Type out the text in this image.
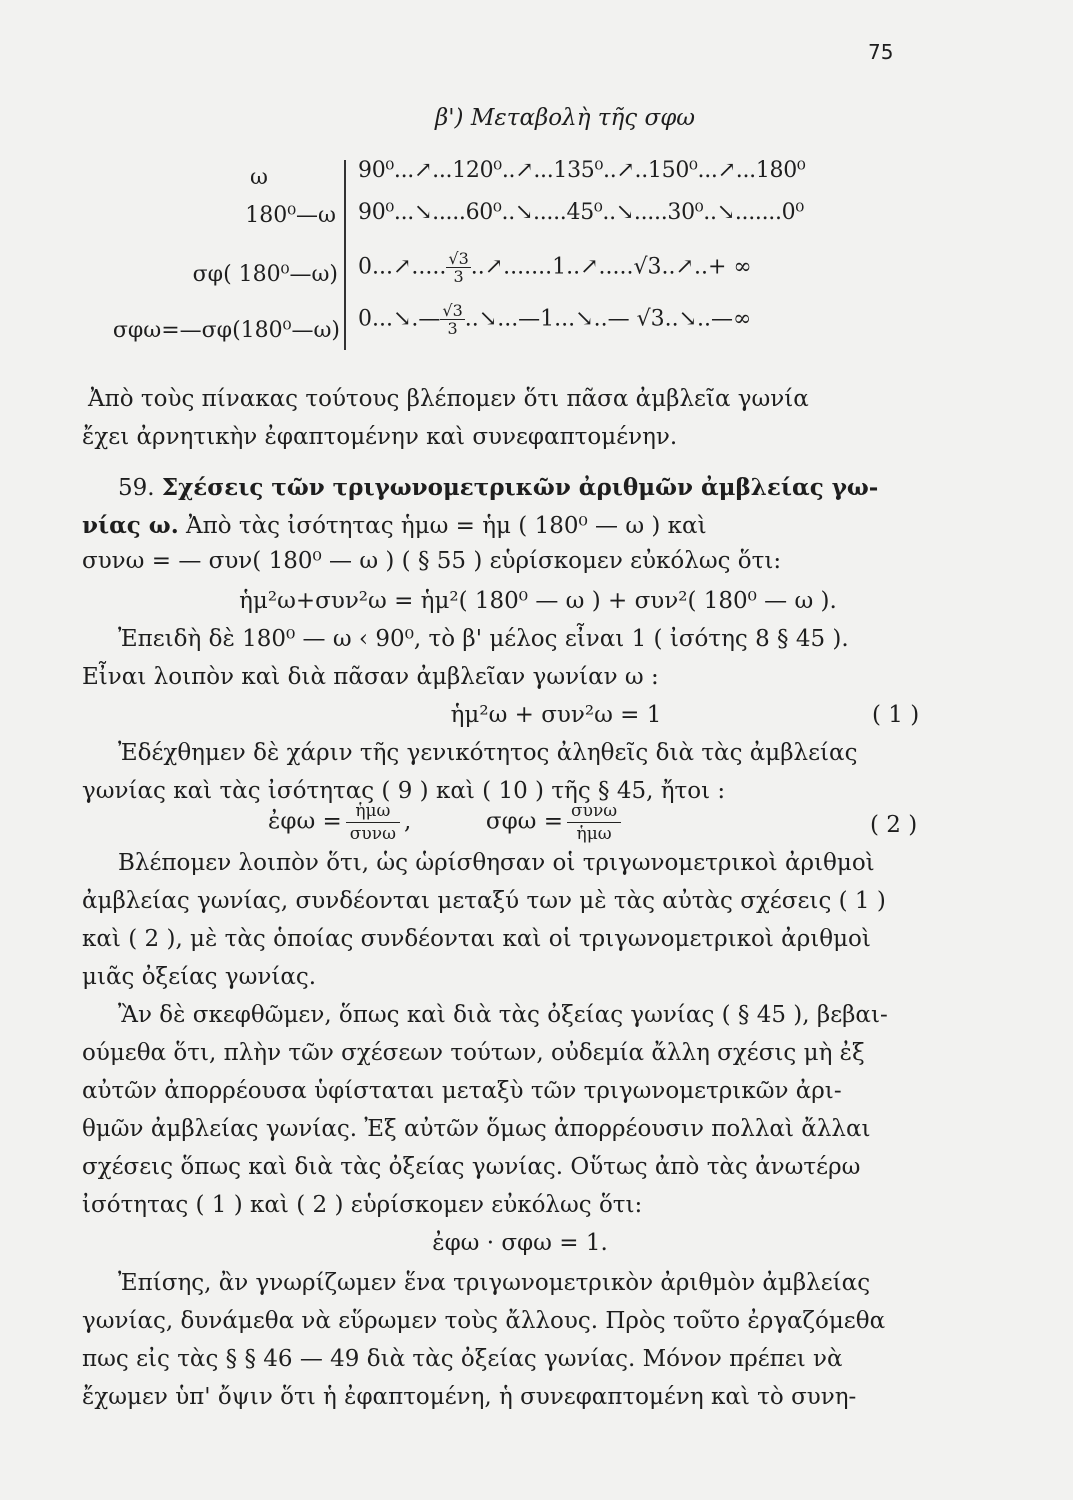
75
β') Μεταβολὴ τῆς σφω
ω	90⁰...↗...120⁰..↗...135⁰..↗..150⁰...↗...180⁰
180⁰—ω 90⁰...↘.....60⁰..↘.....45⁰..↘.....30⁰..↘.......0⁰
σφ( 180⁰—ω) 0...↗..... $\frac{√3}{3}$ ..↗.......1..↗.....√3..↗..+ ∞
σφω=—σφ(180⁰—ω) 0...↘.— $\frac{√3}{3}$ ..↘...—1...↘..— √3..↘..—∞
Ἀπὸ τοὺς πίνακας τούτους βλέπομεν ὅτι πᾶσα ἀμβλεῖα γωνία
ἔχει ἀρνητικὴν ἐφαπτομένην καὶ συνεφαπτομένην.
59. Σχέσεις τῶν τριγωνομετρικῶν ἀριθμῶν ἀμβλείας γω-
νίας ω. Ἀπὸ τὰς ἰσότητας ἡμω = ἡμ ( 180⁰ — ω ) καὶ
συνω = — συν( 180⁰ — ω ) ( § 55 ) εὑρίσκομεν εὐκόλως ὅτι:
ἡμ²ω+συν²ω = ἡμ²( 180⁰ — ω ) + συν²( 180⁰ — ω ).
Ἐπειδὴ δὲ 180⁰ — ω ‹ 90⁰, τὸ β' μέλος εἶναι 1 ( ἰσότης 8 § 45 ).
Εἶναι λοιπὸν καὶ διὰ πᾶσαν ἀμβλεῖαν γωνίαν ω :
ἡμ²ω + συν²ω = 1	( 1 )
Ἐδέχθημεν δὲ χάριν τῆς γενικότητος ἀληθεῖς διὰ τὰς ἀμβλείας
γωνίας καὶ τὰς ἰσότητας ( 9 ) καὶ ( 10 ) τῆς § 45, ἤτοι :
ἐφω = ἡμω
συνω ,	σφω = συνω
ἡμω	( 2 )
Βλέπομεν λοιπὸν ὅτι, ὡς ὡρίσθησαν οἱ τριγωνομετρικοὶ ἀριθμοὶ
ἀμβλείας γωνίας, συνδέονται μεταξύ των μὲ τὰς αὐτὰς σχέσεις ( 1 )
καὶ ( 2 ), μὲ τὰς ὁποίας συνδέονται καὶ οἱ τριγωνομετρικοὶ ἀριθμοὶ
μιᾶς ὀξείας γωνίας.
Ἂν δὲ σκεφθῶμεν, ὅπως καὶ διὰ τὰς ὀξείας γωνίας ( § 45 ), βεβαι-
ούμεθα ὅτι, πλὴν τῶν σχέσεων τούτων, οὐδεμία ἄλλη σχέσις μὴ ἐξ
αὐτῶν ἀπορρέουσα ὑφίσταται μεταξὺ τῶν τριγωνομετρικῶν ἀρι-
θμῶν ἀμβλείας γωνίας. Ἐξ αὐτῶν ὅμως ἀπορρέουσιν πολλαὶ ἄλλαι
σχέσεις ὅπως καὶ διὰ τὰς ὀξείας γωνίας. Οὕτως ἀπὸ τὰς ἀνωτέρω
ἰσότητας ( 1 ) καὶ ( 2 ) εὑρίσκομεν εὐκόλως ὅτι:
ἐφω · σφω = 1.
Ἐπίσης, ἂν γνωρίζωμεν ἕνα τριγωνομετρικὸν ἀριθμὸν ἀμβλείας
γωνίας, δυνάμεθα νὰ εὕρωμεν τοὺς ἄλλους. Πρὸς τοῦτο ἐργαζόμεθα
πως εἰς τὰς § § 46 — 49 διὰ τὰς ὀξείας γωνίας. Μόνον πρέπει νὰ
ἔχωμεν ὑπ' ὄψιν ὅτι ἡ ἐφαπτομένη, ἡ συνεφαπτομένη καὶ τὸ συνη-
